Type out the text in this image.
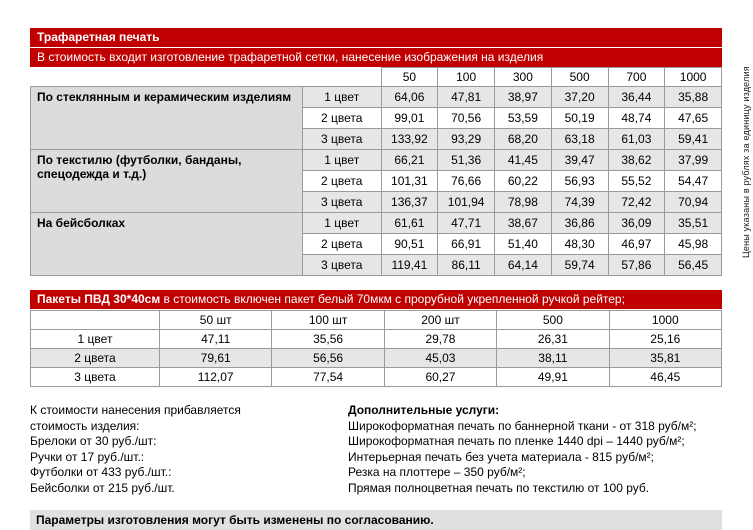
Трафаретная печать
В стоимость входит изготовление трафаретной сетки, нанесение изображения на изделия
		50	100	300	500	700	1000
По стеклянным и керамическим изделиям	1 цвет	64,06	47,81	38,97	37,20	36,44	35,88
	2 цвета	99,01	70,56	53,59	50,19	48,74	47,65
	3 цвета	133,92	93,29	68,20	63,18	61,03	59,41
По текстилю (футболки, банданы, спецодежда и т.д.)	1 цвет	66,21	51,36	41,45	39,47	38,62	37,99
	2 цвета	101,31	76,66	60,22	56,93	55,52	54,47
	3 цвета	136,37	101,94	78,98	74,39	72,42	70,94
На бейсболках	1 цвет	61,61	47,71	38,67	36,86	36,09	35,51
	2 цвета	90,51	66,91	51,40	48,30	46,97	45,98
	3 цвета	119,41	86,11	64,14	59,74	57,86	56,45
Пакеты ПВД 30*40см в стоимость включен пакет белый 70мкм с прорубной укрепленной ручкой рейтер;
	50 шт	100 шт	200 шт	500	1000
1 цвет	47,11	35,56	29,78	26,31	25,16
2 цвета	79,61	56,56	45,03	38,11	35,81
3 цвета	112,07	77,54	60,27	49,91	46,45
К стоимости нанесения прибавляется
стоимость изделия:
Брелоки от 30 руб./шт:
Ручки от 17 руб./шт.:
Футболки от 433 руб./шт.:
Бейсболки от 215 руб./шт.
Дополнительные услуги:
Широкоформатная печать по баннерной ткани - от 318 руб/м²;
Широкоформатная печать по пленке 1440 dpi – 1440 руб/м²;
Интерьерная печать без учета материала - 815 руб/м²;
Резка на плоттере – 350 руб/м²;
Прямая полноцветная печать по текстилю от 100 руб.
Параметры изготовления могут быть изменены по согласованию.
Цены указаны в рублях за единицу изделия
